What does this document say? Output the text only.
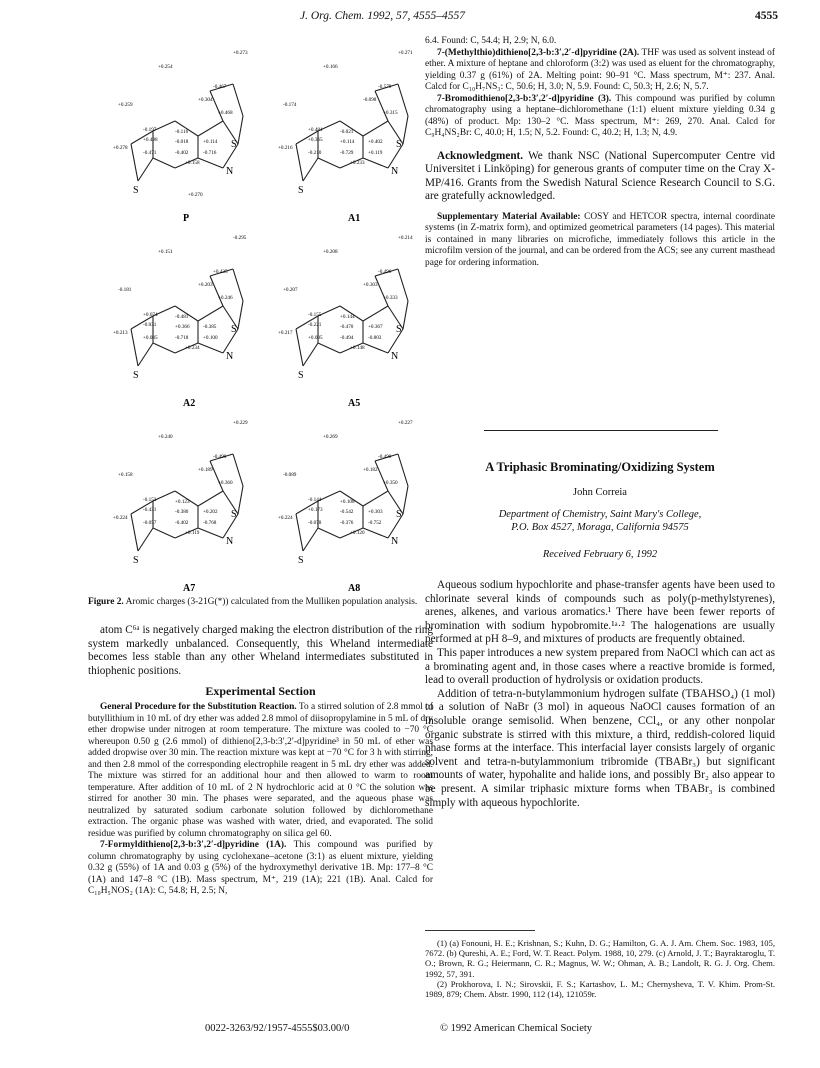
J. Org. Chem. 1992, 57, 4555–4557	4555
S
S
N
+0.254
+0.273
-0.467
+0.304
+0.468
+0.259
-0.197
+0.498
-0.471
-0.116
-0.018	+0.114
-0.402	-0.716
+0.158
+0.278
+0.270
P
S
S
N
+0.166
+0.271
-0.579
-0.098
+0.315
-0.174
+0.481
+0.365
-0.210
-0.021
+0.114	+0.402
-0.729	+0.119
+0.233
+0.216
A1
S
S
N
+0.151
-0.295
+0.435
+0.203
+0.246
-0.181
+0.074
-0.031
+0.085
-0.481
+0.366	-0.385
-0.718	+0.100
+0.234
+0.213
A2
S
S
N
+0.208
+0.214
-0.496
+0.303
+0.333
+0.207
-0.155
-0.221
+0.005
+0.144
-0.470	+0.367
-0.494	-0.803
+0.148
+0.217
A5
S
S
N
+0.240
+0.229
-0.490
+0.189
+0.360
+0.158
-0.153
-0.431
-0.057
+0.123
-0.380	+0.202
-0.402	-0.768
+0.119
+0.224
A7
S
S
N
+0.269
+0.227
-0.490
+0.182
+0.350
-0.089
-0.144
+0.173
-0.078
+0.108
-0.542	+0.303
-0.376	-0.752
+0.120
+0.224
A8
Figure 2. Aromic charges (3-21G(*)) calculated from the Mulliken population analysis.

atom C⁶ᵃ is negatively charged making the electron distribution of the ring system markedly unbalanced. Consequently, this Wheland intermediate becomes less stable than any other Wheland intermediates substituted in thiophenic positions.

Experimental Section

General Procedure for the Substitution Reaction. To a stirred solution of 2.8 mmol of butyllithium in 10 mL of dry ether was added 2.8 mmol of diisopropylamine in 5 mL of dry ether dropwise under nitrogen at room temperature. The mixture was cooled to −70 °C whereupon 0.50 g (2.6 mmol) of dithieno[2,3-b:3′,2′-d]pyridine³ in 50 mL of ether was added dropwise over 30 min. The reaction mixture was kept at −70 °C for 3 h with stirring, and then 2.8 mmol of the corresponding electrophile reagent in 5 mL dry ether was added. The mixture was stirred for an additional hour and then allowed to warm to room temperature. After addition of 10 mL of 2 N hydrochloric acid at 0 °C the solution was stirred for another 30 min. The phases were separated, and the aqueous phase was neutralized by saturated sodium carbonate solution followed by dichloromethane extraction. The organic phase was washed with water, dried, and evaporated. The solid residue was purified by column chromatography on silica gel 60.

7-Formyldithieno[2,3-b:3′,2′-d]pyridine (1A). This compound was purified by column chromatography by using cyclohexane–acetone (3:1) as eluent mixture, yielding 0.32 g (55%) of 1A and 0.03 g (5%) of the hydroxymethyl derivative 1B. Mp: 177–8 °C (1A) and 147–8 °C (1B). Mass spectrum, M⁺, 219 (1A); 221 (1B). Anal. Calcd for C₁₀H₅NOS₂ (1A): C, 54.8; H, 2.5; N,

6.4. Found: C, 54.4; H, 2.9; N, 6.0.

7-(Methylthio)dithieno[2,3-b:3′,2′-d]pyridine (2A). THF was used as solvent instead of ether. A mixture of heptane and chloroform (3:2) was used as eluent for the chromatography, yielding 0.37 g (61%) of 2A. Melting point: 90–91 °C. Mass spectrum, M⁺: 237. Anal. Calcd for C₁₀H₇NS₃: C, 50.6; H, 3.0; N, 5.9. Found: C, 50.3; H, 2.6; N, 5.7.

7-Bromodithieno[2,3-b:3′,2′-d]pyridine (3). This compound was purified by column chromatography using a heptane–dichloromethane (1:1) eluent mixture yielding 0.34 g (48%) of product. Mp: 130–2 °C. Mass spectrum, M⁺: 269, 270. Anal. Calcd for C₉H₄NS₂Br: C, 40.0; H, 1.5; N, 5.2. Found: C, 40.2; H, 1.3; N, 4.9.

Acknowledgment. We thank NSC (National Supercomputer Centre vid Universitet i Linköping) for generous grants of computer time on the Cray X-MP/416. Grants from the Swedish Natural Science Research Council to S.G. are gratefully acknowledged.

Supplementary Material Available: COSY and HETCOR spectra, internal coordinate systems (in Z-matrix form), and optimized geometrical parameters (14 pages). This material is contained in many libraries on microfiche, immediately follows this article in the microfilm version of the journal, and can be ordered from the ACS; see any current masthead page for ordering information.

A Triphasic Brominating/Oxidizing System
John Correia
Department of Chemistry, Saint Mary's College,
P.O. Box 4527, Moraga, California 94575
Received February 6, 1992

Aqueous sodium hypochlorite and phase-transfer agents have been used to chlorinate several kinds of compounds such as poly(p-methylstyrenes), arenes, alkenes, and various aromatics.¹ There have been fewer reports of bromination with sodium hypobromite.¹ᵃ·² The halogenations are usually performed at pH 8–9, and mixtures of products are frequently obtained.

This paper introduces a new system prepared from NaOCl which can act as a brominating agent and, in those cases where a reactive bromide is formed, lead to overall production of hydrolysis or oxidation products.

Addition of tetra-n-butylammonium hydrogen sulfate (TBAHSO₄) (1 mol) to a solution of NaBr (3 mol) in aqueous NaOCl causes formation of an insoluble orange semisolid. When benzene, CCl₄, or any other nonpolar organic substrate is stirred with this mixture, a third, reddish-colored liquid phase forms at the interface. This interfacial layer consists largely of organic solvent and tetra-n-butylammonium tribromide (TBABr₃) but significant amounts of water, hypohalite and halide ions, and possibly Br₂ also appear to be present. A similar triphasic mixture forms when TBABr₃ is combined simply with aqueous hypochlorite.

(1) (a) Fonouni, H. E.; Krishnan, S.; Kuhn, D. G.; Hamilton, G. A. J. Am. Chem. Soc. 1983, 105, 7672. (b) Qureshi, A. E.; Ford, W. T. React. Polym. 1988, 10, 279. (c) Arnold, J. T.; Bayraktaroglu, T. O.; Brown, R. G.; Heiermann, C. R.; Magnus, W. W.; Ohman, A. B.; Landolt, R. G. J. Org. Chem. 1992, 57, 391.

(2) Prokhorova, I. N.; Sirovskii, F. S.; Kartashov, L. M.; Chernysheva, T. V. Khim. Prom-St. 1989, 879; Chem. Abstr. 1990, 112 (14), 121059r.

0022-3263/92/1957-4555$03.00/0	© 1992 American Chemical Society
